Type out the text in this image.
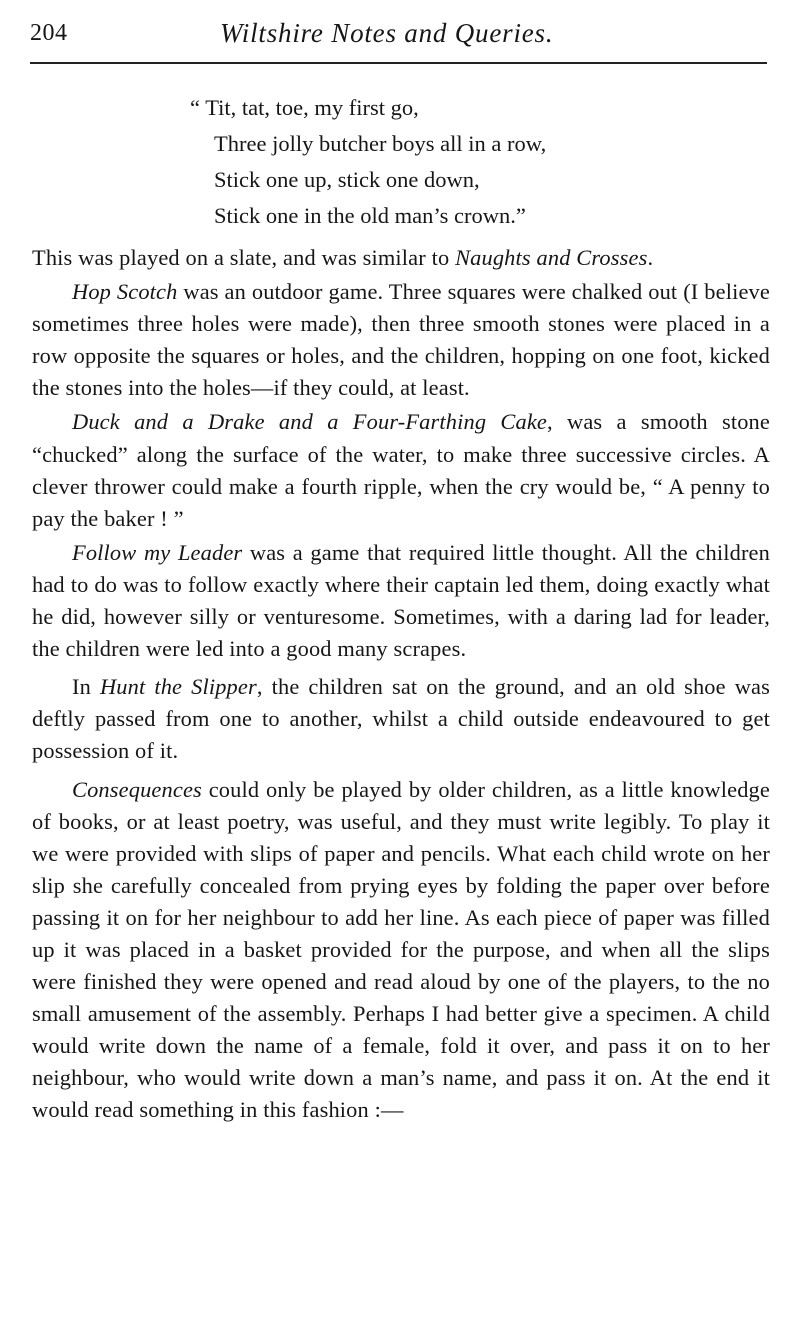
204	Wiltshire Notes and Queries.
“ Tit, tat, toe, my first go,
Three jolly butcher boys all in a row,
Stick one up, stick one down,
Stick one in the old man’s crown.”

This was played on a slate, and was similar to Naughts and Crosses.

Hop Scotch was an outdoor game. Three squares were chalked out (I believe sometimes three holes were made), then three smooth stones were placed in a row opposite the squares or holes, and the children, hopping on one foot, kicked the stones into the holes—if they could, at least.

Duck and a Drake and a Four-Farthing Cake, was a smooth stone “chucked” along the surface of the water, to make three successive circles. A clever thrower could make a fourth ripple, when the cry would be, “ A penny to pay the baker ! ”

Follow my Leader was a game that required little thought. All the children had to do was to follow exactly where their captain led them, doing exactly what he did, however silly or venturesome. Sometimes, with a daring lad for leader, the children were led into a good many scrapes.

In Hunt the Slipper, the children sat on the ground, and an old shoe was deftly passed from one to another, whilst a child outside endeavoured to get possession of it.

Consequences could only be played by older children, as a little knowledge of books, or at least poetry, was useful, and they must write legibly. To play it we were provided with slips of paper and pencils. What each child wrote on her slip she carefully concealed from prying eyes by folding the paper over before passing it on for her neighbour to add her line. As each piece of paper was filled up it was placed in a basket provided for the purpose, and when all the slips were finished they were opened and read aloud by one of the players, to the no small amusement of the assembly. Perhaps I had better give a specimen. A child would write down the name of a female, fold it over, and pass it on to her neighbour, who would write down a man’s name, and pass it on. At the end it would read something in this fashion :—
